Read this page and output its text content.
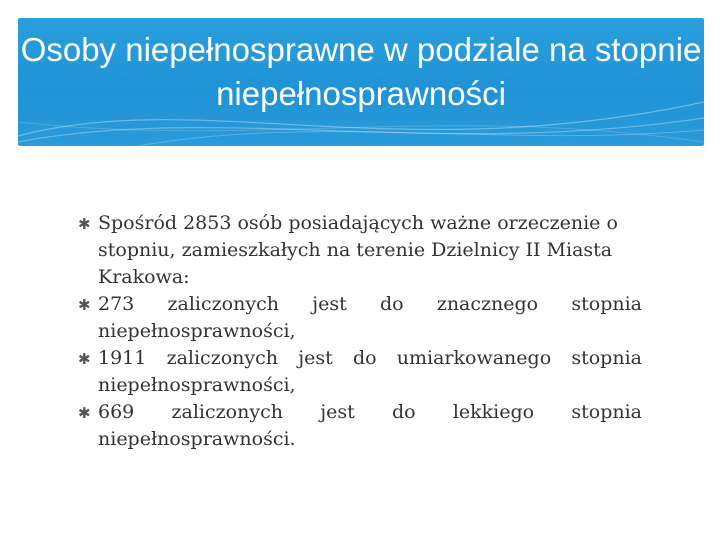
Osoby niepełnosprawne w podziale na stopnie niepełnosprawności
✱ Spośród 2853 osób posiadających ważne orzeczenie o stopniu, zamieszkałych na terenie Dzielnicy II Miasta Krakowa:
✱ 273 zaliczonych jest do znacznego stopnia niepełnosprawności,
✱ 1911 zaliczonych jest do umiarkowanego stopnia niepełnosprawności,
✱ 669 zaliczonych jest do lekkiego stopnia niepełnosprawności.
